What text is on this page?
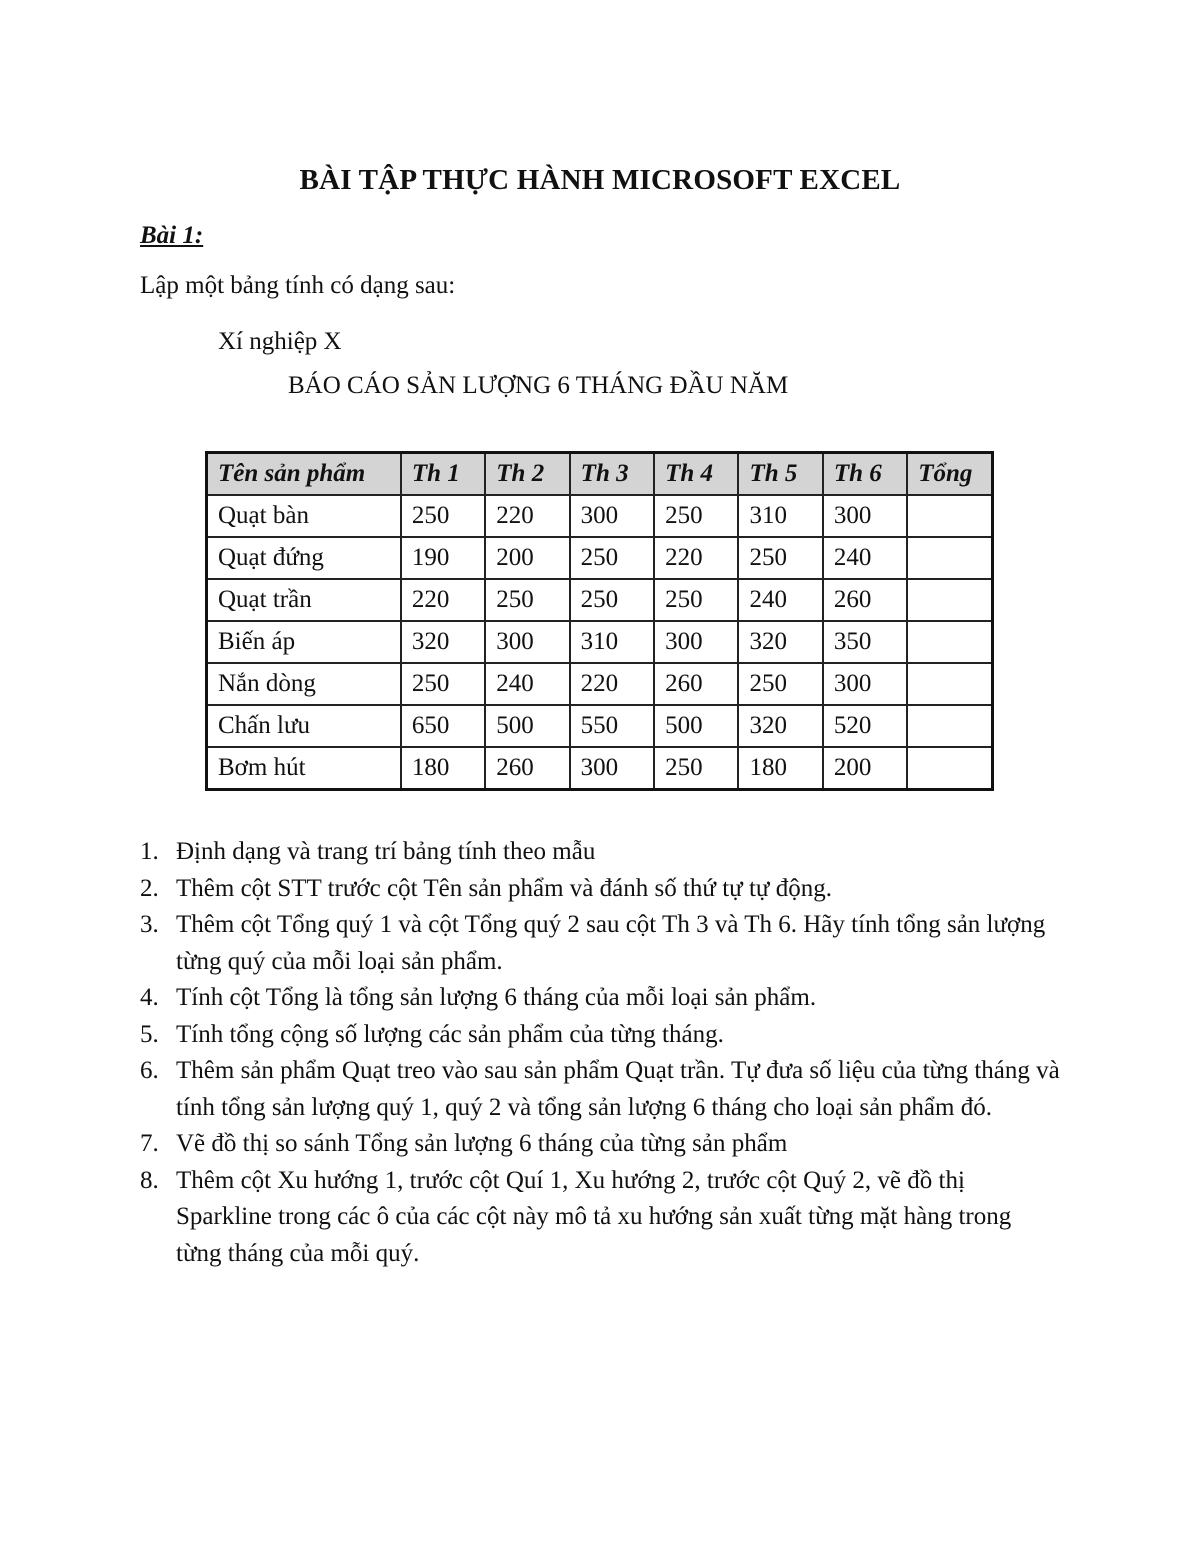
BÀI TẬP THỰC HÀNH MICROSOFT EXCEL
Bài 1:
Lập một bảng tính có dạng sau:
Xí nghiệp X
BÁO CÁO SẢN LƯỢNG 6 THÁNG ĐẦU NĂM
Tên sản phẩm	Th 1	Th 2	Th 3	Th 4	Th 5	Th 6	Tổng
Quạt bàn	250	220	300	250	310	300	
Quạt đứng	190	200	250	220	250	240	
Quạt trần	220	250	250	250	240	260	
Biến áp	320	300	310	300	320	350	
Nắn dòng	250	240	220	260	250	300	
Chấn lưu	650	500	550	500	320	520	
Bơm hút	180	260	300	250	180	200	
1. Định dạng và trang trí bảng tính theo mẫu
2. Thêm cột STT trước cột Tên sản phẩm và đánh số thứ tự tự động.
3. Thêm cột Tổng quý 1 và cột Tổng quý 2 sau cột Th 3 và Th 6. Hãy tính tổng sản lượng từng quý của mỗi loại sản phẩm.
4. Tính cột Tổng là tổng sản lượng 6 tháng của mỗi loại sản phẩm.
5. Tính tổng cộng số lượng các sản phẩm của từng tháng.
6. Thêm sản phẩm Quạt treo vào sau sản phẩm Quạt trần. Tự đưa số liệu của từng tháng và tính tổng sản lượng quý 1, quý 2 và tổng sản lượng 6 tháng cho loại sản phẩm đó.
7. Vẽ đồ thị so sánh Tổng sản lượng 6 tháng của từng sản phẩm
8. Thêm cột Xu hướng 1, trước cột Quí 1, Xu hướng 2, trước cột Quý 2, vẽ đồ thị Sparkline trong các ô của các cột này mô tả xu hướng sản xuất từng mặt hàng trong từng tháng của mỗi quý.
